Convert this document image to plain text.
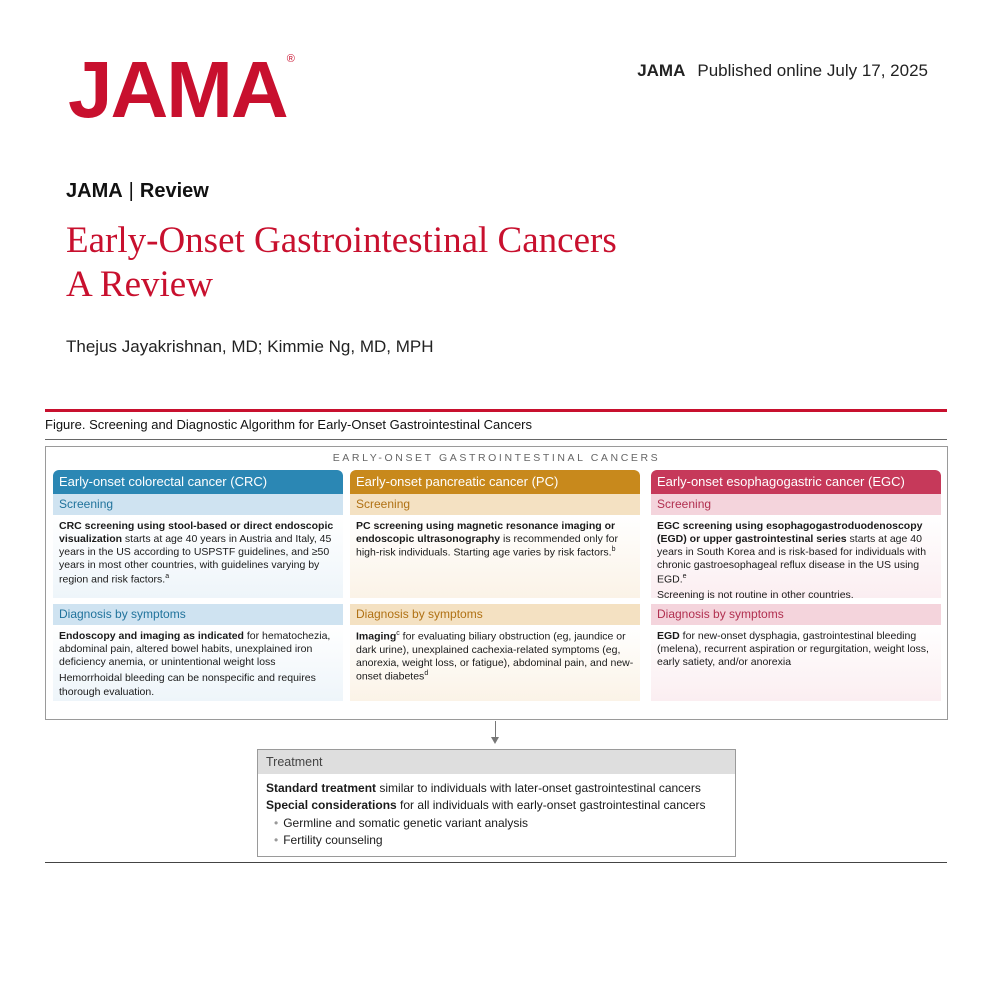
JAMA®
JAMA Published online July 17, 2025
JAMA | Review
Early-Onset Gastrointestinal Cancers
A Review
Thejus Jayakrishnan, MD; Kimmie Ng, MD, MPH
Figure. Screening and Diagnostic Algorithm for Early-Onset Gastrointestinal Cancers
EARLY-ONSET GASTROINTESTINAL CANCERS
Early-onset colorectal cancer (CRC)
Screening

CRC screening using stool-based or direct endoscopic visualization starts at age 40 years in Austria and Italy, 45 years in the US according to USPSTF guidelines, and ≥50 years in most other countries, with guidelines varying by region and risk factors.$^a$

Diagnosis by symptoms

Endoscopy and imaging as indicated for hematochezia, abdominal pain, altered bowel habits, unexplained iron deficiency anemia, or unintentional weight loss

Hemorrhoidal bleeding can be nonspecific and requires thorough evaluation.

Early-onset pancreatic cancer (PC)
Screening

PC screening using magnetic resonance imaging or endoscopic ultrasonography is recommended only for high-risk individuals. Starting age varies by risk factors.$^b$

Diagnosis by symptoms

Imaging$^c$ for evaluating biliary obstruction (eg, jaundice or dark urine), unexplained cachexia-related symptoms (eg, anorexia, weight loss, or fatigue), abdominal pain, and new-onset diabetes$^d$

Early-onset esophagogastric cancer (EGC)
Screening

EGC screening using esophagogastroduodenoscopy (EGD) or upper gastrointestinal series starts at age 40 years in South Korea and is risk-based for individuals with chronic gastroesophageal reflux disease in the US using EGD.$^e$

Screening is not routine in other countries.

Diagnosis by symptoms

EGD for new-onset dysphagia, gastrointestinal bleeding (melena), recurrent aspiration or regurgitation, weight loss, early satiety, and/or anorexia

Treatment
Standard treatment similar to individuals with later-onset gastrointestinal cancers
Special considerations for all individuals with early-onset gastrointestinal cancers
• Germline and somatic genetic variant analysis
• Fertility counseling
